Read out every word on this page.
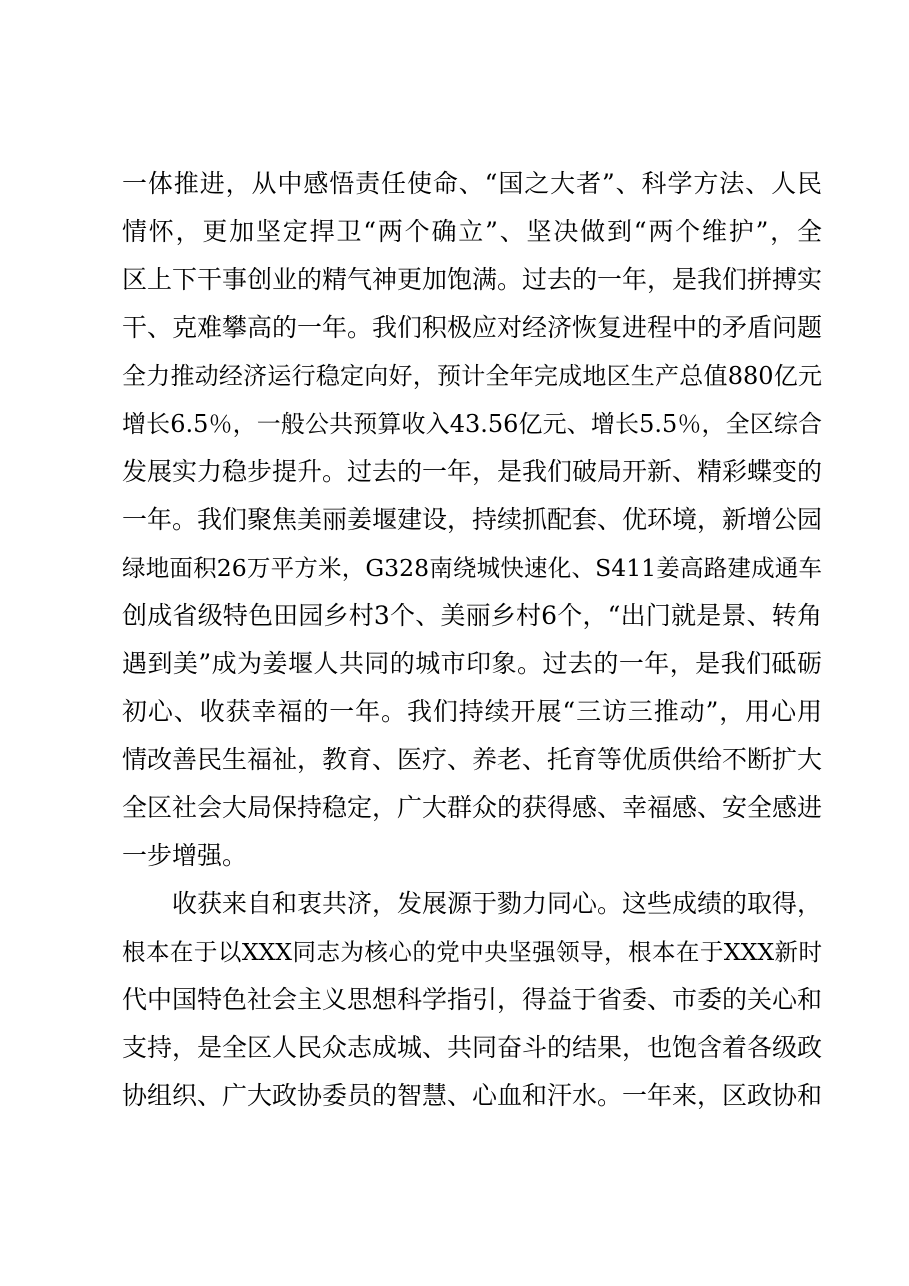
一体推进，从中感悟责任使命、“国之大者”、科学方法、人民
情怀，更加坚定捍卫“两个确立”、坚决做到“两个维护”，全
区上下干事创业的精气神更加饱满。过去的一年，是我们拼搏实
干、克难攀高的一年。我们积极应对经济恢复进程中的矛盾问题
全力推动经济运行稳定向好，预计全年完成地区生产总值880亿元
增长6.5％，一般公共预算收入43.56亿元、增长5.5％，全区综合
发展实力稳步提升。过去的一年，是我们破局开新、精彩蝶变的
一年。我们聚焦美丽姜堰建设，持续抓配套、优环境，新增公园
绿地面积26万平方米，G328南绕城快速化、S411姜高路建成通车
创成省级特色田园乡村3个、美丽乡村6个，“出门就是景、转角
遇到美”成为姜堰人共同的城市印象。过去的一年，是我们砥砺
初心、收获幸福的一年。我们持续开展“三访三推动”，用心用
情改善民生福祉，教育、医疗、养老、托育等优质供给不断扩大
全区社会大局保持稳定，广大群众的获得感、幸福感、安全感进
一步增强。
收获来自和衷共济，发展源于勠力同心。这些成绩的取得，
根本在于以XXX同志为核心的党中央坚强领导，根本在于XXX新时
代中国特色社会主义思想科学指引，得益于省委、市委的关心和
支持，是全区人民众志成城、共同奋斗的结果，也饱含着各级政
协组织、广大政协委员的智慧、心血和汗水。一年来，区政协和
